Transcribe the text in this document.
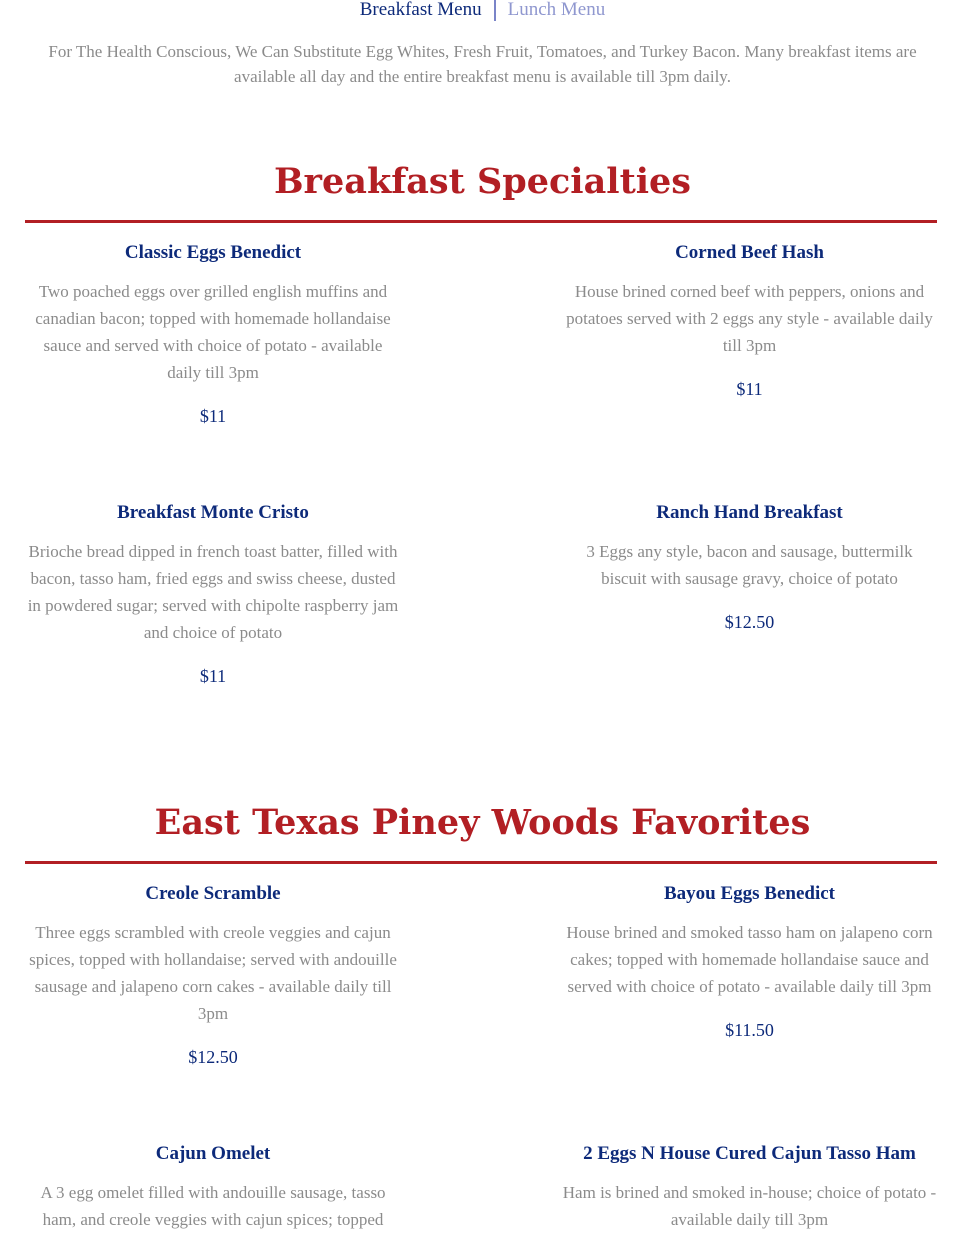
Breakfast Menu	Lunch Menu

For The Health Conscious, We Can Substitute Egg Whites, Fresh Fruit, Tomatoes, and Turkey Bacon. Many breakfast items are available all day and the entire breakfast menu is available till 3pm daily.

Breakfast Specialties
Classic Eggs Benedict

Two poached eggs over grilled english muffins and canadian bacon; topped with homemade hollandaise sauce and served with choice of potato - available daily till 3pm

$11

Corned Beef Hash

House brined corned beef with peppers, onions and potatoes served with 2 eggs any style - available daily till 3pm

$11

Breakfast Monte Cristo

Brioche bread dipped in french toast batter, filled with bacon, tasso ham, fried eggs and swiss cheese, dusted in powdered sugar; served with chipolte raspberry jam and choice of potato

$11

Ranch Hand Breakfast

3 Eggs any style, bacon and sausage, buttermilk biscuit with sausage gravy, choice of potato

$12.50

East Texas Piney Woods Favorites
Creole Scramble

Three eggs scrambled with creole veggies and cajun spices, topped with hollandaise; served with andouille sausage and jalapeno corn cakes - available daily till 3pm

$12.50

Bayou Eggs Benedict

House brined and smoked tasso ham on jalapeno corn cakes; topped with homemade hollandaise sauce and served with choice of potato - available daily till 3pm

$11.50

Cajun Omelet

A 3 egg omelet filled with andouille sausage, tasso ham, and creole veggies with cajun spices; topped

2 Eggs N House Cured Cajun Tasso Ham

Ham is brined and smoked in-house; choice of potato - available daily till 3pm
